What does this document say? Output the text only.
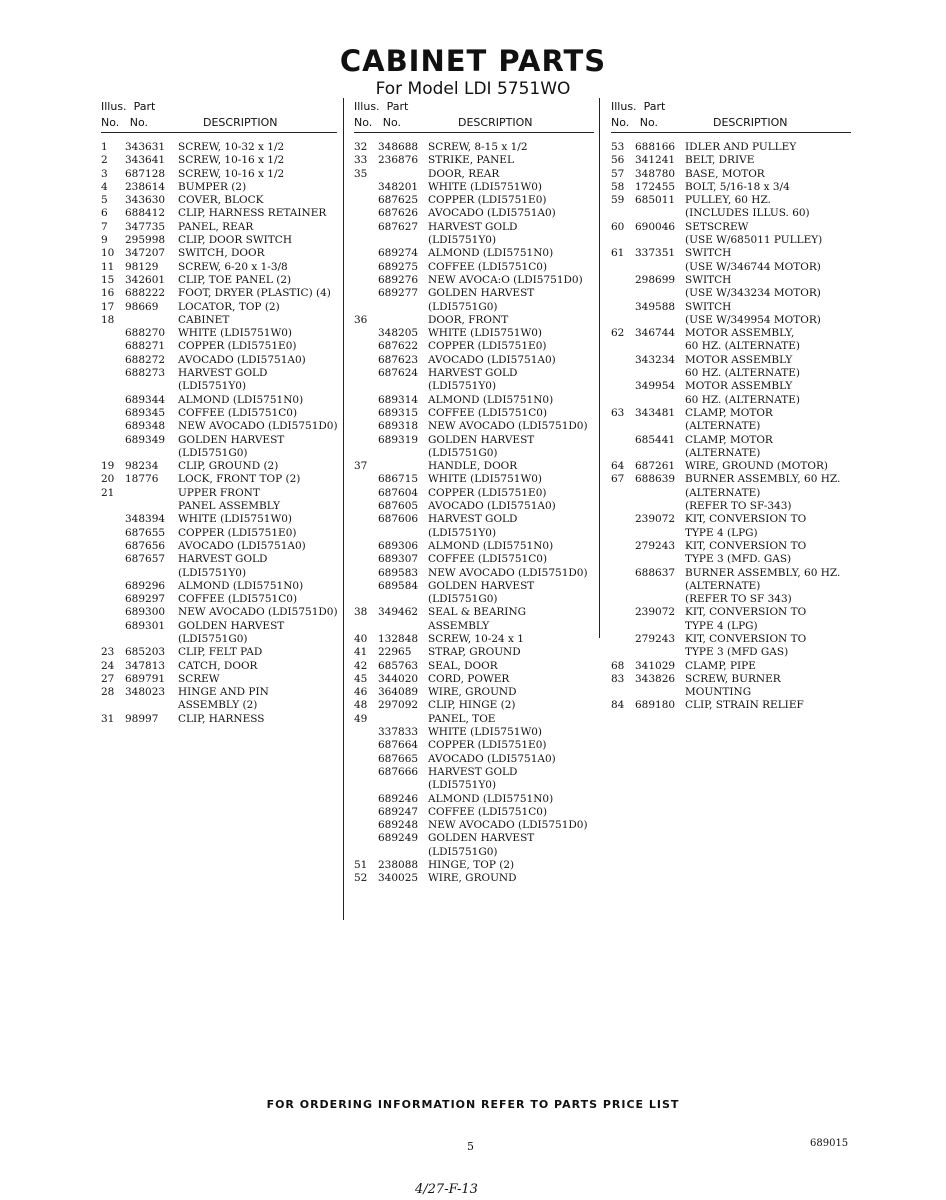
CABINET PARTS
For Model LDI 5751WO
Illus. Part
No. No.	DESCRIPTION
1	343631	SCREW, 10-32 x 1/2
2	343641	SCREW, 10-16 x 1/2
3	687128	SCREW, 10-16 x 1/2
4	238614	BUMPER (2)
5	343630	COVER, BLOCK
6	688412	CLIP, HARNESS RETAINER
7	347735	PANEL, REAR
9	295998	CLIP, DOOR SWITCH
10	347207	SWITCH, DOOR
11	98129	SCREW, 6-20 x 1-3/8
15	342601	CLIP, TOE PANEL (2)
16	688222	FOOT, DRYER (PLASTIC) (4)
17	98669	LOCATOR, TOP (2)
18	CABINET
688270	WHITE (LDI5751W0)
688271	COPPER (LDI5751E0)
688272	AVOCADO (LDI5751A0)
688273	HARVEST GOLD
(LDI5751Y0)
689344	ALMOND (LDI5751N0)
689345	COFFEE (LDI5751C0)
689348	NEW AVOCADO (LDI5751D0)
689349	GOLDEN HARVEST
(LDI5751G0)
19	98234	CLIP, GROUND (2)
20	18776	LOCK, FRONT TOP (2)
21	UPPER FRONT
PANEL ASSEMBLY
348394	WHITE (LDI5751W0)
687655	COPPER (LDI5751E0)
687656	AVOCADO (LDI5751A0)
687657	HARVEST GOLD
(LDI5751Y0)
689296	ALMOND (LDI5751N0)
689297	COFFEE (LDI5751C0)
689300	NEW AVOCADO (LDI5751D0)
689301	GOLDEN HARVEST
(LDI5751G0)
23	685203	CLIP, FELT PAD
24	347813	CATCH, DOOR
27	689791	SCREW
28	348023	HINGE AND PIN
ASSEMBLY (2)
31	98997	CLIP, HARNESS
Illus. Part
No. No.	DESCRIPTION
32	348688 SCREW, 8-15 x 1/2
33	236876 STRIKE, PANEL
35	DOOR, REAR
348201 WHITE (LDI5751W0)
687625 COPPER (LDI5751E0)
687626 AVOCADO (LDI5751A0)
687627 HARVEST GOLD
(LDI5751Y0)
689274 ALMOND (LDI5751N0)
689275 COFFEE (LDI5751C0)
689276 NEW AVOCA:O (LDI5751D0)
689277 GOLDEN HARVEST
(LDI5751G0)
36	DOOR, FRONT
348205 WHITE (LDI5751W0)
687622 COPPER (LDI5751E0)
687623 AVOCADO (LDI5751A0)
687624 HARVEST GOLD
(LDI5751Y0)
689314 ALMOND (LDI5751N0)
689315 COFFEE (LDI5751C0)
689318 NEW AVOCADO (LDI5751D0)
689319 GOLDEN HARVEST
(LDI5751G0)
37	HANDLE, DOOR
686715 WHITE (LDI5751W0)
687604 COPPER (LDI5751E0)
687605 AVOCADO (LDI5751A0)
687606 HARVEST GOLD
(LDI5751Y0)
689306 ALMOND (LDI5751N0)
689307 COFFEE (LDI5751C0)
689583 NEW AVOCADO (LDI5751D0)
689584 GOLDEN HARVEST
(LDI5751G0)
38	349462 SEAL & BEARING
ASSEMBLY
40	132848 SCREW, 10-24 x 1
41	22965	STRAP, GROUND
42	685763 SEAL, DOOR
45	344020 CORD, POWER
46	364089 WIRE, GROUND
48	297092 CLIP, HINGE (2)
49	PANEL, TOE
337833 WHITE (LDI5751W0)
687664 COPPER (LDI5751E0)
687665 AVOCADO (LDI5751A0)
687666 HARVEST GOLD
(LDI5751Y0)
689246 ALMOND (LDI5751N0)
689247 COFFEE (LDI5751C0)
689248 NEW AVOCADO (LDI5751D0)
689249 GOLDEN HARVEST
(LDI5751G0)
51	238088 HINGE, TOP (2)
52	340025 WIRE, GROUND
Illus. Part
No. No.	DESCRIPTION
53	688166 IDLER AND PULLEY
56	341241 BELT, DRIVE
57	348780 BASE, MOTOR
58	172455 BOLT, 5/16-18 x 3/4
59	685011 PULLEY, 60 HZ.
(INCLUDES ILLUS. 60)
60	690046 SETSCREW
(USE W/685011 PULLEY)
61	337351 SWITCH
(USE W/346744 MOTOR)
298699 SWITCH
(USE W/343234 MOTOR)
349588 SWITCH
(USE W/349954 MOTOR)
62	346744 MOTOR ASSEMBLY,
60 HZ. (ALTERNATE)
343234 MOTOR ASSEMBLY
60 HZ. (ALTERNATE)
349954 MOTOR ASSEMBLY
60 HZ. (ALTERNATE)
63	343481 CLAMP, MOTOR
(ALTERNATE)
685441 CLAMP, MOTOR
(ALTERNATE)
64	687261 WIRE, GROUND (MOTOR)
67	688639 BURNER ASSEMBLY, 60 HZ.
(ALTERNATE)
(REFER TO SF-343)
239072 KIT, CONVERSION TO
TYPE 4 (LPG)
279243 KIT, CONVERSION TO
TYPE 3 (MFD. GAS)
688637 BURNER ASSEMBLY, 60 HZ.
(ALTERNATE)
(REFER TO SF 343)
239072 KIT, CONVERSION TO
TYPE 4 (LPG)
279243 KIT, CONVERSION TO
TYPE 3 (MFD GAS)
68	341029 CLAMP, PIPE
83	343826 SCREW, BURNER
MOUNTING
84	689180 CLIP, STRAIN RELIEF
FOR ORDERING INFORMATION REFER TO PARTS PRICE LIST
5	689015
4/27-F-13
